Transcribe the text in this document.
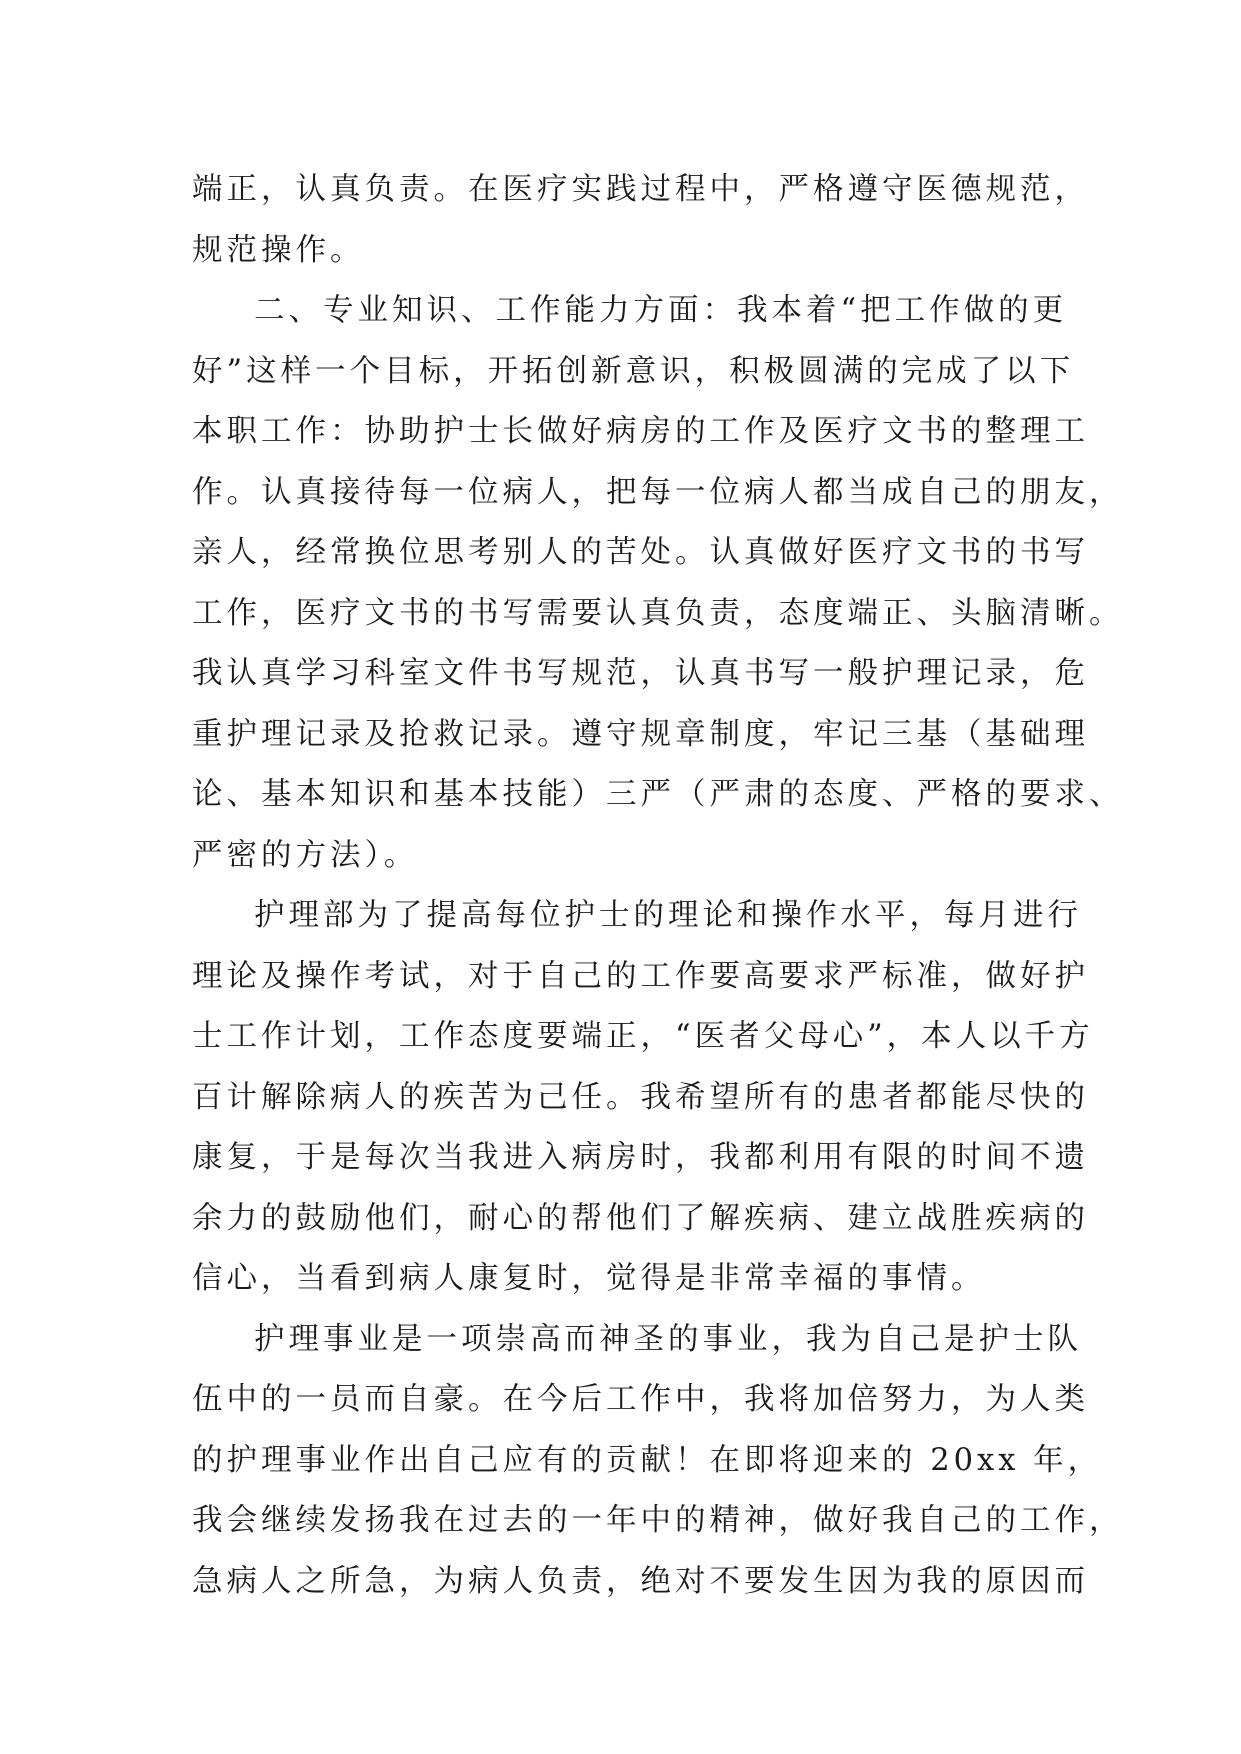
端正，认真负责。在医疗实践过程中，严格遵守医德规范，
规范操作。
二、专业知识、工作能力方面：我本着“把工作做的更
好”这样一个目标，开拓创新意识，积极圆满的完成了以下
本职工作：协助护士长做好病房的工作及医疗文书的整理工
作。认真接待每一位病人，把每一位病人都当成自己的朋友，
亲人，经常换位思考别人的苦处。认真做好医疗文书的书写
工作，医疗文书的书写需要认真负责，态度端正、头脑清晰。
我认真学习科室文件书写规范，认真书写一般护理记录，危
重护理记录及抢救记录。遵守规章制度，牢记三基（基础理
论、基本知识和基本技能）三严（严肃的态度、严格的要求、
严密的方法）。
护理部为了提高每位护士的理论和操作水平，每月进行
理论及操作考试，对于自己的工作要高要求严标准，做好护
士工作计划，工作态度要端正，“医者父母心”，本人以千方
百计解除病人的疾苦为己任。我希望所有的患者都能尽快的
康复，于是每次当我进入病房时，我都利用有限的时间不遗
余力的鼓励他们，耐心的帮他们了解疾病、建立战胜疾病的
信心，当看到病人康复时，觉得是非常幸福的事情。
护理事业是一项崇高而神圣的事业，我为自己是护士队
伍中的一员而自豪。在今后工作中，我将加倍努力，为人类
的护理事业作出自己应有的贡献！在即将迎来的 20xx 年，
我会继续发扬我在过去的一年中的精神，做好我自己的工作，
急病人之所急，为病人负责，绝对不要发生因为我的原因而
